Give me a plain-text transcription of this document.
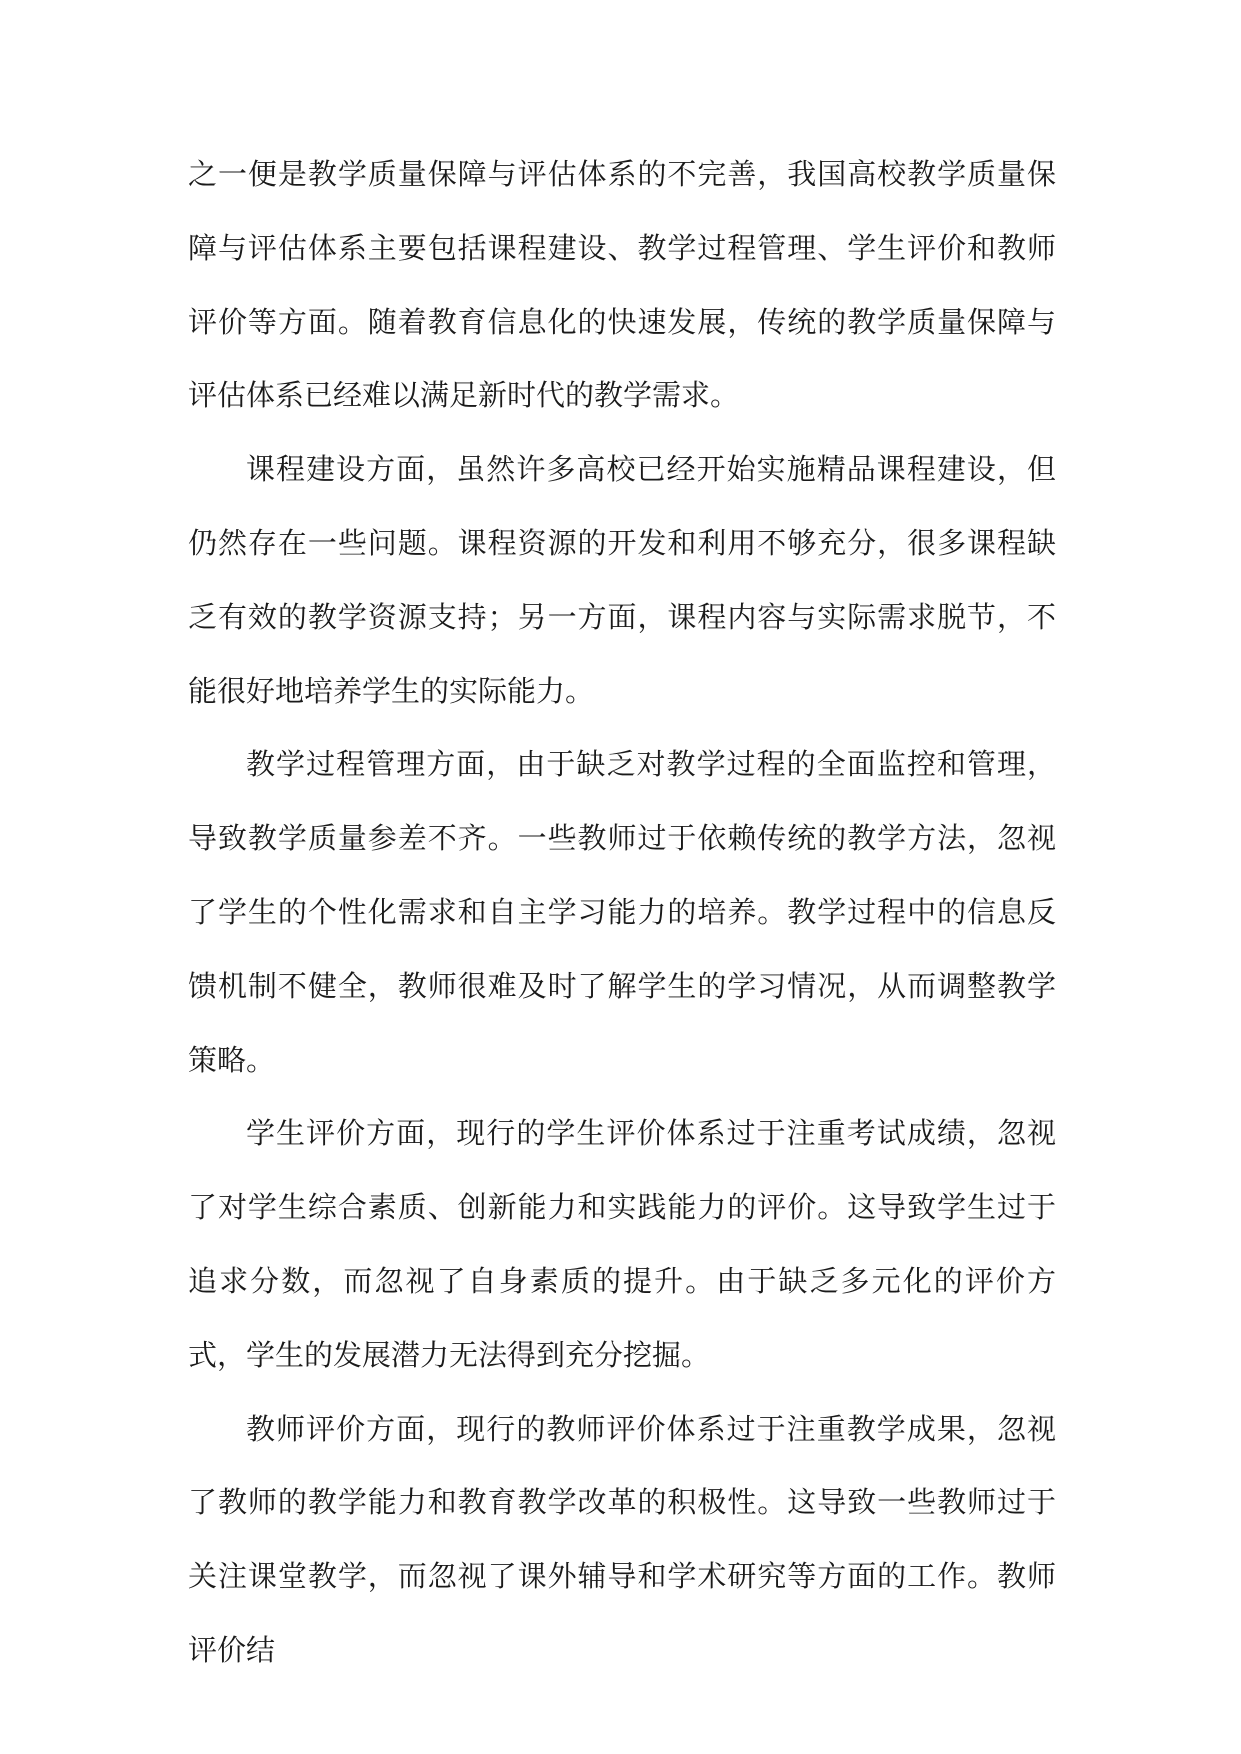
之一便是教学质量保障与评估体系的不完善，我国高校教学质量保障与评估体系主要包括课程建设、教学过程管理、学生评价和教师评价等方面。随着教育信息化的快速发展，传统的教学质量保障与评估体系已经难以满足新时代的教学需求。

课程建设方面，虽然许多高校已经开始实施精品课程建设，但仍然存在一些问题。课程资源的开发和利用不够充分，很多课程缺乏有效的教学资源支持；另一方面，课程内容与实际需求脱节，不能很好地培养学生的实际能力。

教学过程管理方面，由于缺乏对教学过程的全面监控和管理，导致教学质量参差不齐。一些教师过于依赖传统的教学方法，忽视了学生的个性化需求和自主学习能力的培养。教学过程中的信息反馈机制不健全，教师很难及时了解学生的学习情况，从而调整教学策略。

学生评价方面，现行的学生评价体系过于注重考试成绩，忽视了对学生综合素质、创新能力和实践能力的评价。这导致学生过于追求分数，而忽视了自身素质的提升。由于缺乏多元化的评价方式，学生的发展潜力无法得到充分挖掘。

教师评价方面，现行的教师评价体系过于注重教学成果，忽视了教师的教学能力和教育教学改革的积极性。这导致一些教师过于关注课堂教学，而忽视了课外辅导和学术研究等方面的工作。教师评价结
